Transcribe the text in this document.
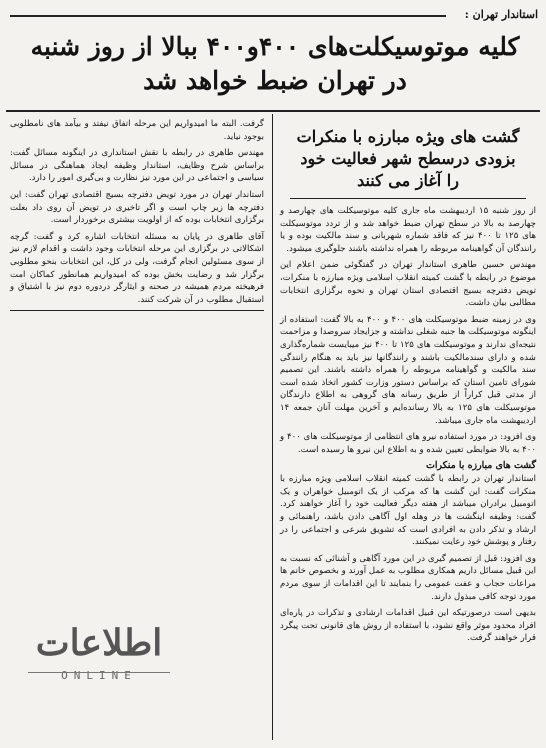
استاندار تهران :
کلیه موتوسیکلت‌های ۴۰۰و۴۰۰ ببالا از روز شنبه
در تهران ضبط خواهد شد
گشت های ویژه مبارزه با منکرات
بزودی درسطح شهر فعالیت خود
را آغاز می کنند

از روز شنبه ۱۵ اردیبهشت ماه جاری کلیه موتوسیکلت های چهارصد و چهارصد به بالا در سطح تهران ضبط خواهد شد و از تردد موتوسیکلت های ۱۲۵ تا ۴۰۰ نیز که فاقد شماره شهربانی و سند مالکیت بوده و یا رانندگان آن گواهینامه مربوطه را همراه نداشته باشند جلوگیری میشود.

مهندس حسین طاهری استاندار تهران در گفتگوئی ضمن اعلام این موضوع در رابطه با گشت کمیته انقلاب اسلامی ویژه مبارزه با منکرات، تویض دفترچه بسیج اقتصادی استان تهران و نحوه برگزاری انتخابات مطالبی بیان داشت.

وی در زمینه ضبط موتوسیکلت های ۴۰۰ و ۴۰۰ به بالا گفت: استفاده از اینگونه موتوسیکلت ها جنبه شغلی نداشته و جزایجاد سروصدا و مزاحمت نتیجه‌ای ندارند و موتوسیکلت های ۱۲۵ تا ۴۰۰ نیز میبایست شماره‌گذاری شده و دارای سندمالکیت باشند و رانندگانها نیز باید به هنگام رانندگی سند مالکیت و گواهینامه مربوطه را همراه داشته باشند. این تصمیم شورای تامین استان که براساس دستور وزارت کشور اتخاذ شده است از مدتی قبل کراراً از طریق رسانه های گروهی به اطلاع دارندگان موتوسیکلت های ۱۲۵ به بالا رسانده‌ایم و آخرین مهلت آنان جمعه ۱۴ اردیبهشت ماه جاری میباشد.

وی افزود: در مورد استفاده نیرو های انتظامی از موتوسیکلت های ۴۰۰ و ۴۰۰ به بالا ضوابطی تعیین شده و به اطلاع این نیرو ها رسیده است.

گشت های مبارزه با منکرات

استاندار تهران در رابطه با گشت کمیته انقلاب اسلامی ویژه مبارزه با منکرات گفت: این گشت ها که مرکب از یک اتومبیل خواهران و یک اتومبیل برادران میباشد از هفته دیگر فعالیت خود را آغاز خواهند کرد. گفت: وظیفه اینگشت ها در وهله اول آگاهی دادن باشد، راهنمائی و ارشاد و تذکر دادن به افرادی است که تشویق شرعی و اجتماعی را در رفتار و پوشش خود رعایت نمیکنند.

وی افزود: قبل از تصمیم گیری در این مورد آگاهی و آشنائی که نسبت به این قبیل مسائل داریم همکاری مطلوب به عمل آورند و بخصوص خانم ها مراعات حجاب و عفت عمومی را بنمایند تا این اقدامات از سوی مردم مورد توجه کافی مبذول دارند.

بدیهی است درصورتیکه این قبیل اقدامات ارشادی و تذکرات در پاره‌ای افراد محدود موثر واقع نشود، با استفاده از روش های قانونی تحت پیگرد قرار خواهند گرفت.

گرفت. البته ما امیدواریم این مرحله اتفاق نیفتد و بیآمد های نامطلوبی بوجود نیاید.

مهندس طاهری در رابطه با نقش استانداری در اینگونه مسائل گفت: براساس شرح وظایف، استاندار وظیفه ایجاد هماهنگی در مسائل سیاسی و اجتماعی در این مورد نیز نظارت و بی‌گیری امور را دارد.

استاندار تهران در مورد تویض دفترچه بسیج اقتصادی تهران گفت: این دفترچه ها زیر چاپ است و اگر تاخیری در تویض آن روی داد بعلت برگزاری انتخابات بوده که از اولویت بیشتری برخوردار است.

آقای طاهری در پایان به مسئله انتخابات اشاره کرد و گفت: گرچه اشکالاتی در برگزاری این مرحله انتخابات وجود داشت و اقدام لازم نیز از سوی مسئولین انجام گرفت، ولی در کل، این انتخابات بنحو مطلوبی برگزار شد و رضایت بخش بوده که امیدواریم همانطور کماکان امت فرهیخته مردم همیشه در صحنه و ایثارگر دردوره دوم نیز با اشتیاق و استقبال مطلوب در آن شرکت کنند.

اطلاعات
ONLINE
